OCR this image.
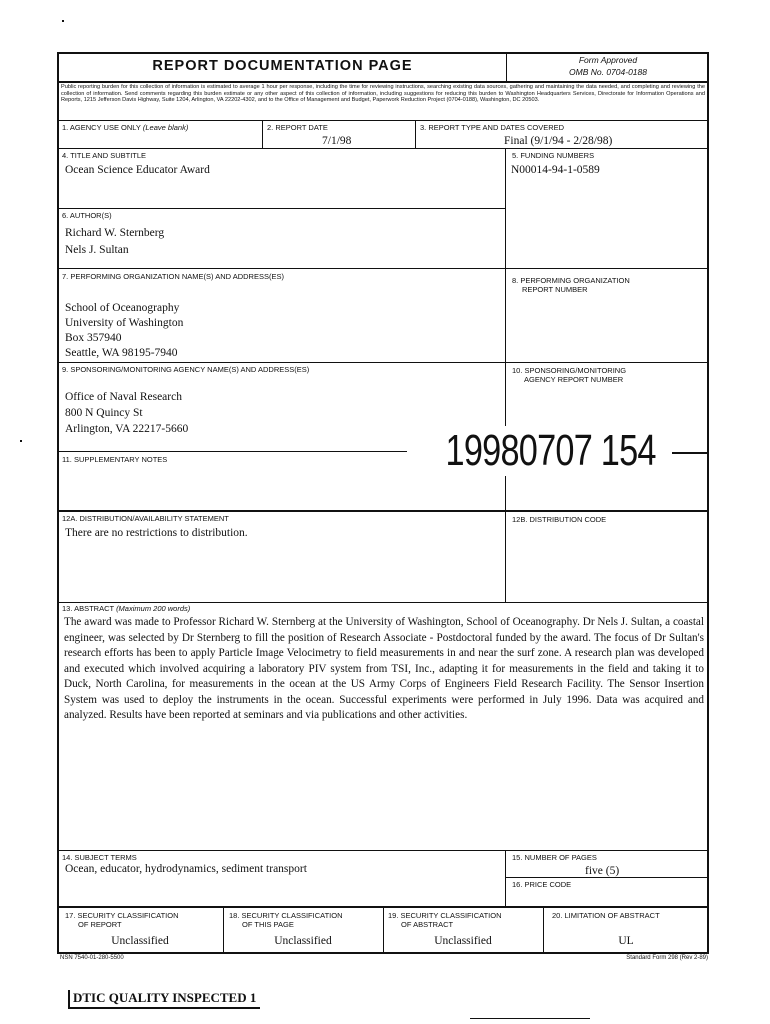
REPORT DOCUMENTATION PAGE	Form Approved
OMB No. 0704-0188
Public reporting burden for this collection of information is estimated to average 1 hour per response, including the time for reviewing instructions, searching existing data sources, gathering and maintaining the data needed, and completing and reviewing the collection of information. Send comments regarding this burden estimate or any other aspect of this collection of information, including suggestions for reducing this burden to Washington Headquarters Services, Directorate for Information Operations and Reports, 1215 Jefferson Davis Highway, Suite 1204, Arlington, VA 22202-4302, and to the Office of Management and Budget, Paperwork Reduction Project (0704-0188), Washington, DC 20503.
1. AGENCY USE ONLY (Leave blank)	2. REPORT DATE
7/1/98
3. REPORT TYPE AND DATES COVERED
Final (9/1/94 - 2/28/98)
4. TITLE AND SUBTITLE
Ocean Science Educator Award
5. FUNDING NUMBERS
N00014-94-1-0589
6. AUTHOR(S)
Richard W. Sternberg
Nels J. Sultan
7. PERFORMING ORGANIZATION NAME(S) AND ADDRESS(ES)
School of Oceanography
University of Washington
Box 357940
Seattle, WA 98195-7940
8. PERFORMING ORGANIZATION
REPORT NUMBER
9. SPONSORING/MONITORING AGENCY NAME(S) AND ADDRESS(ES)
Office of Naval Research
800 N Quincy St
Arlington, VA 22217-5660
10. SPONSORING/MONITORING
AGENCY REPORT NUMBER
19980707 154
11. SUPPLEMENTARY NOTES
12A. DISTRIBUTION/AVAILABILITY STATEMENT
There are no restrictions to distribution.
12B. DISTRIBUTION CODE
13. ABSTRACT (Maximum 200 words)
The award was made to Professor Richard W. Sternberg at the University of Washington, School of Oceanography. Dr Nels J. Sultan, a coastal engineer, was selected by Dr Sternberg to fill the position of Research Associate - Postdoctoral funded by the award. The focus of Dr Sultan's research efforts has been to apply Particle Image Velocimetry to field measurements in and near the surf zone. A research plan was developed and executed which involved acquiring a laboratory PIV system from TSI, Inc., adapting it for measurements in the field and taking it to Duck, North Carolina, for measurements in the ocean at the US Army Corps of Engineers Field Research Facility. The Sensor Insertion System was used to deploy the instruments in the ocean. Successful experiments were performed in July 1996. Data was acquired and analyzed. Results have been reported at seminars and via publications and other activities.
14. SUBJECT TERMS
Ocean, educator, hydrodynamics, sediment transport
15. NUMBER OF PAGES
five (5)
16. PRICE CODE
17. SECURITY CLASSIFICATION
OF REPORT
Unclassified
18. SECURITY CLASSIFICATION
OF THIS PAGE
Unclassified
19. SECURITY CLASSIFICATION
OF ABSTRACT
Unclassified
20. LIMITATION OF ABSTRACT
UL
NSN 7540-01-280-5500	Standard Form 298 (Rev 2-89)
DTIC QUALITY INSPECTED 1
